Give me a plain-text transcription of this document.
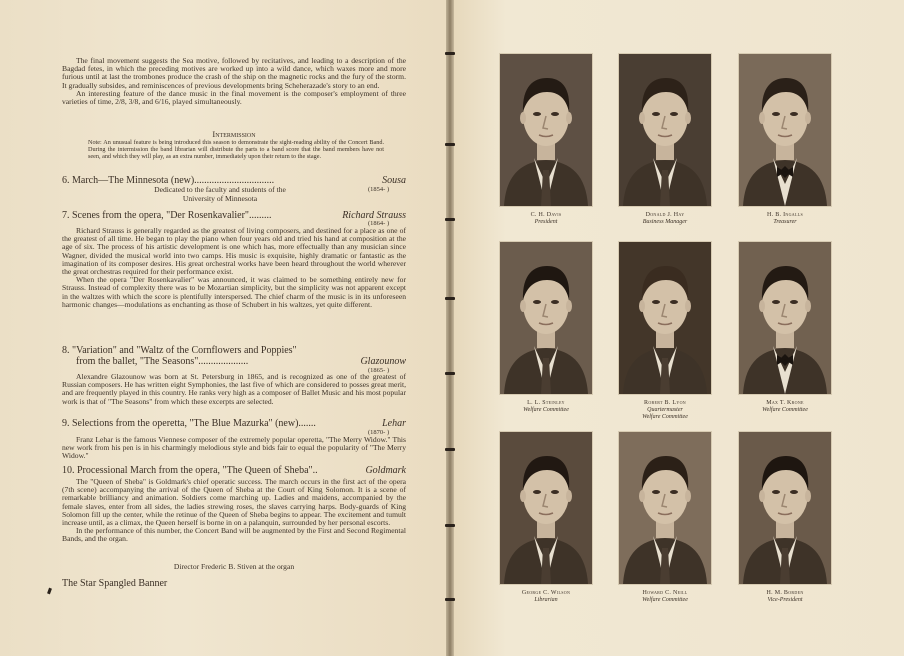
The final movement suggests the Sea motive, followed by recitatives, and leading to a description of the Bagdad fetes, in which the preceding motives are worked up into a wild dance, which waxes more and more furious until at last the trombones produce the crash of the ship on the magnetic rocks and the fury of the storm. It gradually subsides, and reminiscences of previous developments bring Scheherazade's story to an end.

An interesting feature of the dance music in the final movement is the composer's employment of three varieties of time, 2/8, 3/8, and 6/16, played simultaneously.

Intermission
Note: An unusual feature is being introduced this season to demonstrate the sight-reading ability of the Concert Band. During the intermission the band librarian will distribute the parts to a band score that the band members have not seen, and which they will play, as an extra number, immediately upon their return to the stage.
Sousa
6. March—The Minnesota (new)................................
(1854- )
Dedicated to the faculty and students of the
University of Minnesota
Richard Strauss
7. Scenes from the opera, "Der Rosenkavalier".........
(1864- )

Richard Strauss is generally regarded as the greatest of living composers, and destined for a place as one of the greatest of all time. He began to play the piano when four years old and tried his hand at composition at the age of six. The process of his artistic development is one which has, more effectually than any musician since Wagner, divided the musical world into two camps. His music is exquisite, highly dramatic or fantastic as the imagination of its composer desires. His great orchestral works have been heard throughout the world wherever the great orchestras required for their performance exist.

When the opera "Der Rosenkavalier" was announced, it was claimed to be something entirely new for Strauss. Instead of complexity there was to be Mozartian simplicity, but the simplicity was not apparent except in the waltzes with which the score is plentifully interspersed. The chief charm of the music is in its unforeseen harmonic changes—modulations as enchanting as those of Schubert in his waltzes, yet quite different.

8. "Variation" and "Waltz of the Cornflowers and Poppies"
Glazounow
from the ballet, "The Seasons"....................
(1865- )

Alexandre Glazounow was born at St. Petersburg in 1865, and is recognized as one of the greatest of Russian composers. He has written eight Symphonies, the last five of which are considered to posses great merit, and are frequently played in this country. He ranks very high as a composer of Ballet Music and his most popular work is that of "The Seasons" from which these excerpts are selected.

Lehar
9. Selections from the operetta, "The Blue Mazurka" (new).......
(1870- )

Franz Lehar is the famous Viennese composer of the extremely popular operetta, "The Merry Widow." This new work from his pen is in his charmingly melodious style and bids fair to equal the popularity of "The Merry Widow."

Goldmark
10. Processional March from the opera, "The Queen of Sheba"..

The "Queen of Sheba" is Goldmark's chief operatic success. The march occurs in the first act of the opera (7th scene) accompanying the arrival of the Queen of Sheba at the Court of King Solomon. It is a scene of remarkable brilliancy and animation. Soldiers come marching up. Ladies and maidens, accompanied by the female slaves, enter from all sides, the ladies strewing roses, the slaves carrying harps. Body-guards of King Solomon fill up the center, while the retinue of the Queen of Sheba begins to appear. The excitement and tumult increase until, as a climax, the Queen herself is borne in on a palanquin, surrounded by her personal escorts.

In the performance of this number, the Concert Band will be augmented by the First and Second Regimental Bands, and the organ.

Director Frederic B. Stiven at the organ
The Star Spangled Banner
C. H. Davis
President
Donald J. Hay
Business Manager
H. B. Ingalls
Treasurer
L. L. Steinley
Welfare Committee
Robert B. Lyon
Quartermaster
Welfare Committee
Max T. Krone
Welfare Committee
George C. Wilson
Librarian
Howard C. Neill
Welfare Committee
H. M. Borden
Vice-President
